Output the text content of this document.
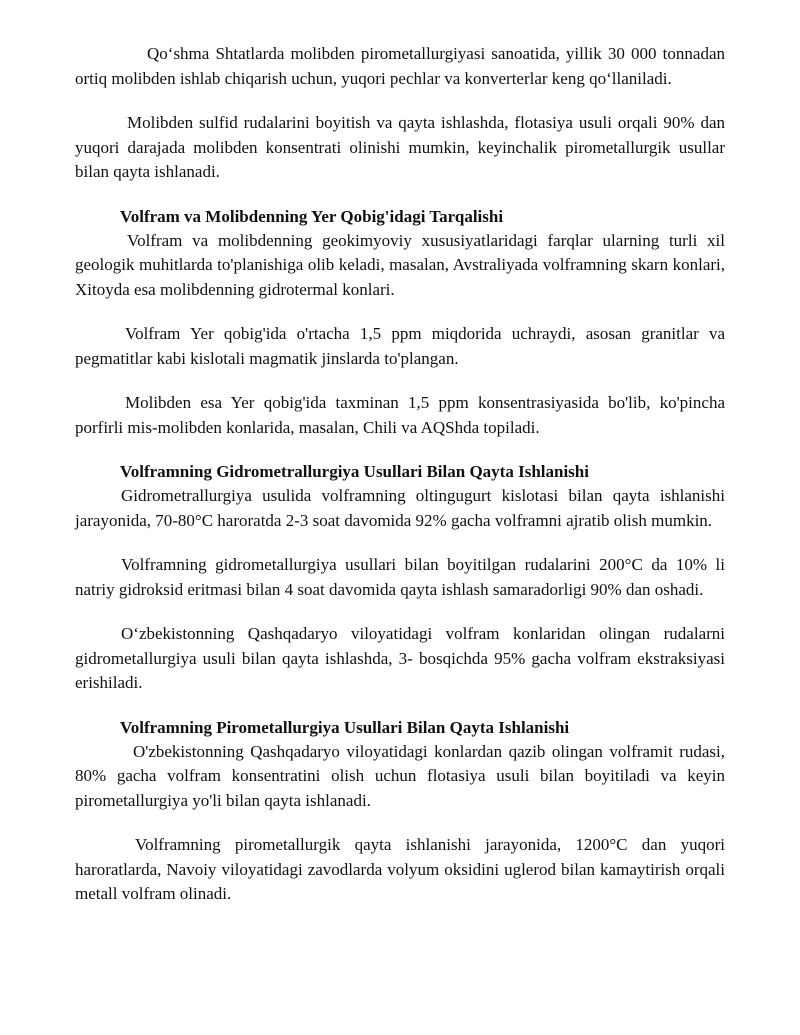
Qo‘shma Shtatlarda molibden pirometallurgiyasi sanoatida, yillik 30 000 tonnadan ortiq molibden ishlab chiqarish uchun, yuqori pechlar va konverterlar keng qo‘llaniladi.

Molibden sulfid rudalarini boyitish va qayta ishlashda, flotasiya usuli orqali 90% dan yuqori darajada molibden konsentrati olinishi mumkin, keyinchalik pirometallurgik usullar bilan qayta ishlanadi.

Volfram va Molibdenning Yer Qobig'idagi Tarqalishi

Volfram va molibdenning geokimyoviy xususiyatlaridagi farqlar ularning turli xil geologik muhitlarda to'planishiga olib keladi, masalan, Avstraliyada volframning skarn konlari, Xitoyda esa molibdenning gidrotermal konlari.

Volfram Yer qobig'ida o'rtacha 1,5 ppm miqdorida uchraydi, asosan granitlar va pegmatitlar kabi kislotali magmatik jinslarda to'plangan.

Molibden esa Yer qobig'ida taxminan 1,5 ppm konsentrasiyasida bo'lib, ko'pincha porfirli mis-molibden konlarida, masalan, Chili va AQShda topiladi.

Volframning Gidrometrallurgiya Usullari Bilan Qayta Ishlanishi

Gidrometrallurgiya usulida volframning oltingugurt kislotasi bilan qayta ishlanishi jarayonida, 70-80°C haroratda 2-3 soat davomida 92% gacha volframni ajratib olish mumkin.

Volframning gidrometallurgiya usullari bilan boyitilgan rudalarini 200°C da 10% li natriy gidroksid eritmasi bilan 4 soat davomida qayta ishlash samaradorligi 90% dan oshadi.

O‘zbekistonning Qashqadaryo viloyatidagi volfram konlaridan olingan rudalarni gidrometallurgiya usuli bilan qayta ishlashda, 3- bosqichda 95% gacha volfram ekstraksiyasi erishiladi.

Volframning Pirometallurgiya Usullari Bilan Qayta Ishlanishi

O'zbekistonning Qashqadaryo viloyatidagi konlardan qazib olingan volframit rudasi, 80% gacha volfram konsentratini olish uchun flotasiya usuli bilan boyitiladi va keyin pirometallurgiya yo'li bilan qayta ishlanadi.

Volframning pirometallurgik qayta ishlanishi jarayonida, 1200°C dan yuqori haroratlarda, Navoiy viloyatidagi zavodlarda volyum oksidini uglerod bilan kamaytirish orqali metall volfram olinadi.
